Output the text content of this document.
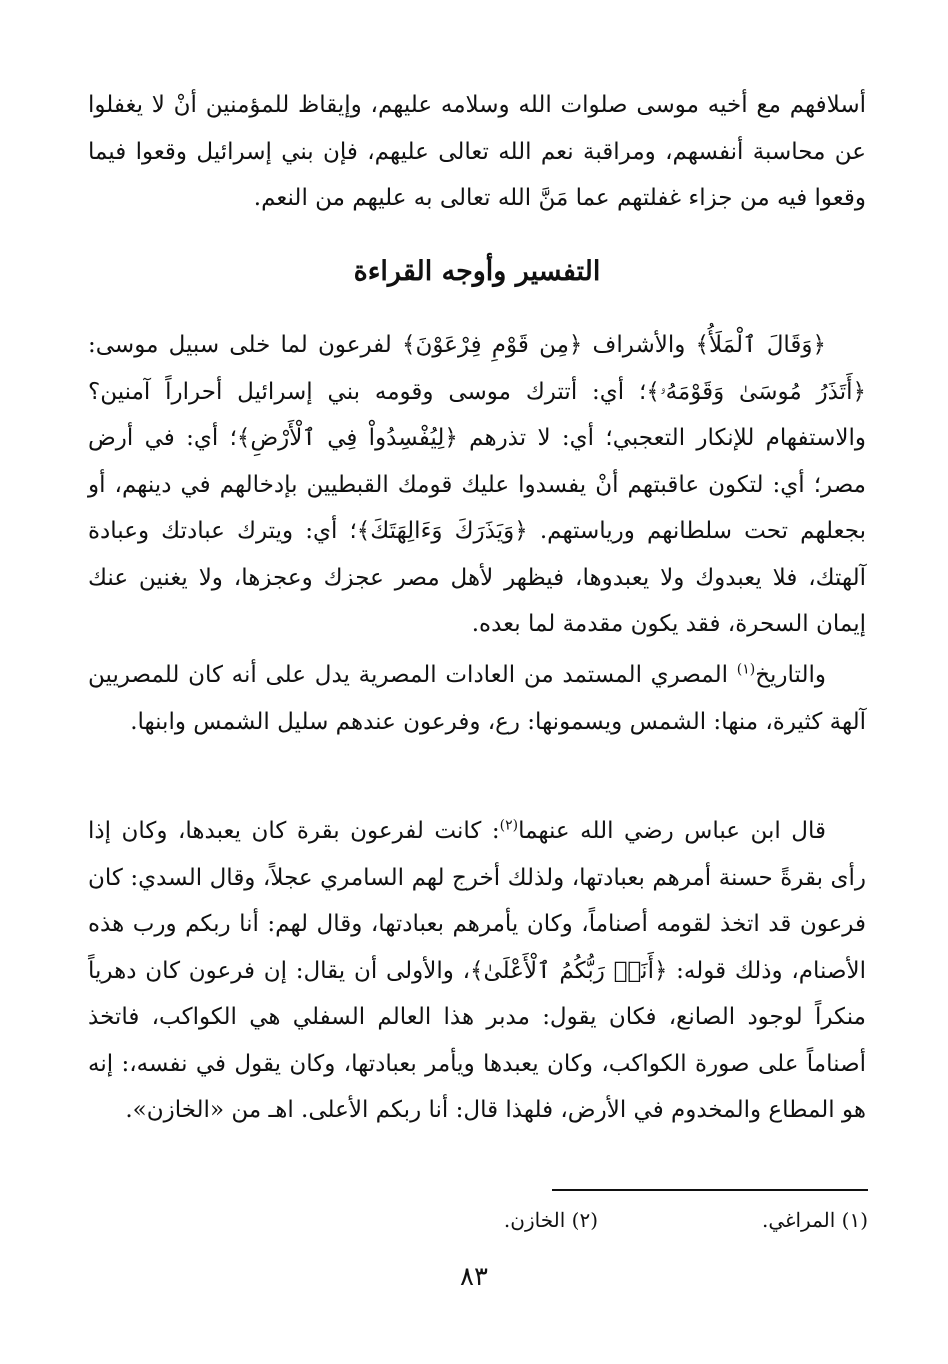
أسلافهم مع أخيه موسى صلوات الله وسلامه عليهم، وإيقاظ للمؤمنين أنْ لا يغفلوا عن محاسبة أنفسهم، ومراقبة نعم الله تعالى عليهم، فإن بني إسرائيل وقعوا فيما وقعوا فيه من جزاء غفلتهم عما مَنَّ الله تعالى به عليهم من النعم.

التفسير وأوجه القراءة

﴿وَقَالَ ٱلْمَلَأُ﴾ والأشراف ﴿مِن قَوْمِ فِرْعَوْنَ﴾ لفرعون لما خلى سبيل موسى: ﴿أَتَذَرُ مُوسَىٰ وَقَوْمَهُۥ﴾؛ أي: أتترك موسى وقومه بني إسرائيل أحراراً آمنين؟ والاستفهام للإنكار التعجبي؛ أي: لا تذرهم ﴿لِيُفْسِدُواْ فِي ٱلْأَرْضِ﴾؛ أي: في أرض مصر؛ أي: لتكون عاقبتهم أنْ يفسدوا عليك قومك القبطيين بإدخالهم في دينهم، أو بجعلهم تحت سلطانهم ورياستهم. ﴿وَيَذَرَكَ وَءَالِهَتَكَ﴾؛ أي: ويترك عبادتك وعبادة آلهتك، فلا يعبدوك ولا يعبدوها، فيظهر لأهل مصر عجزك وعجزها، ولا يغنين عنك إيمان السحرة، فقد يكون مقدمة لما بعده.

والتاريخ$^{(١)}$ المصري المستمد من العادات المصرية يدل على أنه كان للمصريين آلهة كثيرة، منها: الشمس ويسمونها: رع، وفرعون عندهم سليل الشمس وابنها.

قال ابن عباس رضي الله عنهما$^{(٢)}$: كانت لفرعون بقرة كان يعبدها، وكان إذا رأى بقرةً حسنة أمرهم بعبادتها، ولذلك أخرج لهم السامري عجلاً، وقال السدي: كان فرعون قد اتخذ لقومه أصناماً، وكان يأمرهم بعبادتها، وقال لهم: أنا ربكم ورب هذه الأصنام، وذلك قوله: ﴿أَنَا۠ رَبُّكُمُ ٱلْأَعْلَىٰ﴾، والأولى أن يقال: إن فرعون كان دهرياً منكراً لوجود الصانع، فكان يقول: مدبر هذا العالم السفلي هي الكواكب، فاتخذ أصناماً على صورة الكواكب، وكان يعبدها ويأمر بعبادتها، وكان يقول في نفسه،: إنه هو المطاع والمخدوم في الأرض، فلهذا قال: أنا ربكم الأعلى. اهـ من «الخازن».

(١) المراغي.
(٢) الخازن.
٨٣
